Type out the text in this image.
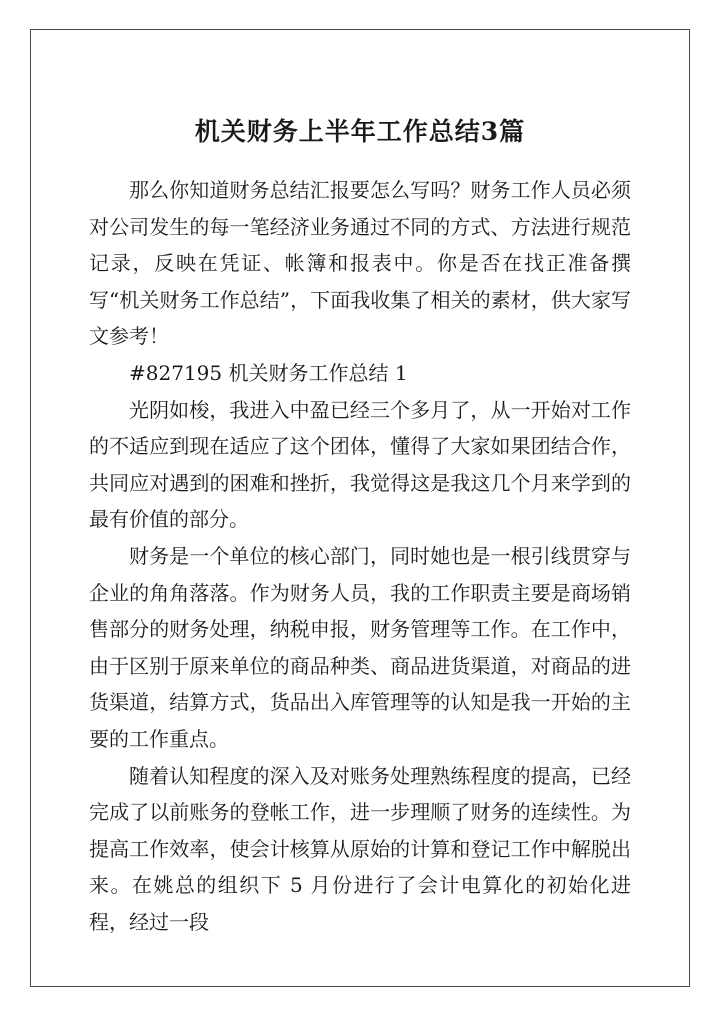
机关财务上半年工作总结3篇

那么你知道财务总结汇报要怎么写吗？财务工作人员必须对公司发生的每一笔经济业务通过不同的方式、方法进行规范记录，反映在凭证、帐簿和报表中。你是否在找正准备撰写“机关财务工作总结”，下面我收集了相关的素材，供大家写文参考！

#827195 机关财务工作总结 1

光阴如梭，我进入中盈已经三个多月了，从一开始对工作的不适应到现在适应了这个团体，懂得了大家如果团结合作，共同应对遇到的困难和挫折，我觉得这是我这几个月来学到的最有价值的部分。

财务是一个单位的核心部门，同时她也是一根引线贯穿与企业的角角落落。作为财务人员，我的工作职责主要是商场销售部分的财务处理，纳税申报，财务管理等工作。在工作中，由于区别于原来单位的商品种类、商品进货渠道，对商品的进货渠道，结算方式，货品出入库管理等的认知是我一开始的主要的工作重点。

随着认知程度的深入及对账务处理熟练程度的提高，已经完成了以前账务的登帐工作，进一步理顺了财务的连续性。为提高工作效率，使会计核算从原始的计算和登记工作中解脱出来。在姚总的组织下 5 月份进行了会计电算化的初始化进程，经过一段
